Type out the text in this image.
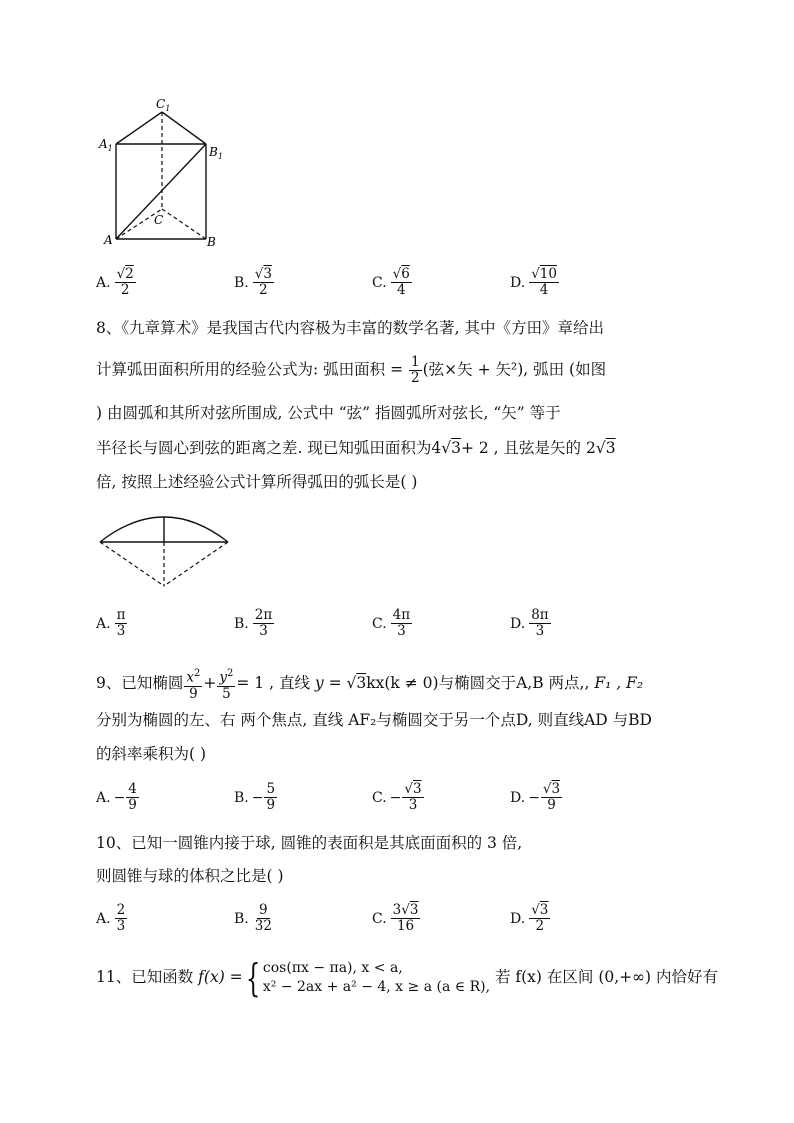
$C_1$
$A_1$	$B_1$
C
A	B
A. $\frac{√2}{2}$	B. $\frac{√3}{2}$	C. $\frac{√6}{4}$	D. $\frac{√10}{4}$
8、《九章算术》是我国古代内容极为丰富的数学名著, 其中《方田》章给出
计算弧田面积所用的经验公式为: 弧田面积 = $\frac{1}{2}$ (弦×矢 + 矢²), 弧田 (如图
) 由圆弧和其所对弦所围成, 公式中 “弦” 指圆弧所对弦长, “矢” 等于
半径长与圆心到弦的距离之差. 现已知弧田面积为4√3+ 2 , 且弦是矢的 2√3
倍, 按照上述经验公式计算所得弧田的弧长是( )
A. $\frac{\pi}{3}$	B. $\frac{2\pi}{3}$	C. $\frac{4\pi}{3}$	D. $\frac{8\pi}{3}$
9、已知椭圆 $\frac{x^2}{9} + \frac{y^2}{5} = 1$ , 直线 y = √3kx(k ≠ 0)与椭圆交于A,B 两点,, F₁ , F₂
分别为椭圆的左、右 两个焦点, 直线 AF₂与椭圆交于另一个点D, 则直线AD 与BD
的斜率乘积为( )
A. − $\frac{4}{9}$	B. − $\frac{5}{9}$	C. − $\frac{√3}{3}$	D. − $\frac{√3}{9}$
10、已知一圆锥内接于球, 圆锥的表面积是其底面面积的 3 倍,
则圆锥与球的体积之比是( )
A. $\frac{2}{3}$	B. $\frac{9}{32}$	C. $\frac{3√3}{16}$	D. $\frac{√3}{2}$
11、已知函数 f(x) ={ cos(πx − πa), x < a,
x² − 2ax + a² − 4, x ≥ a (a ∈ R),
若 f(x) 在区间 (0,+∞) 内恰好有
